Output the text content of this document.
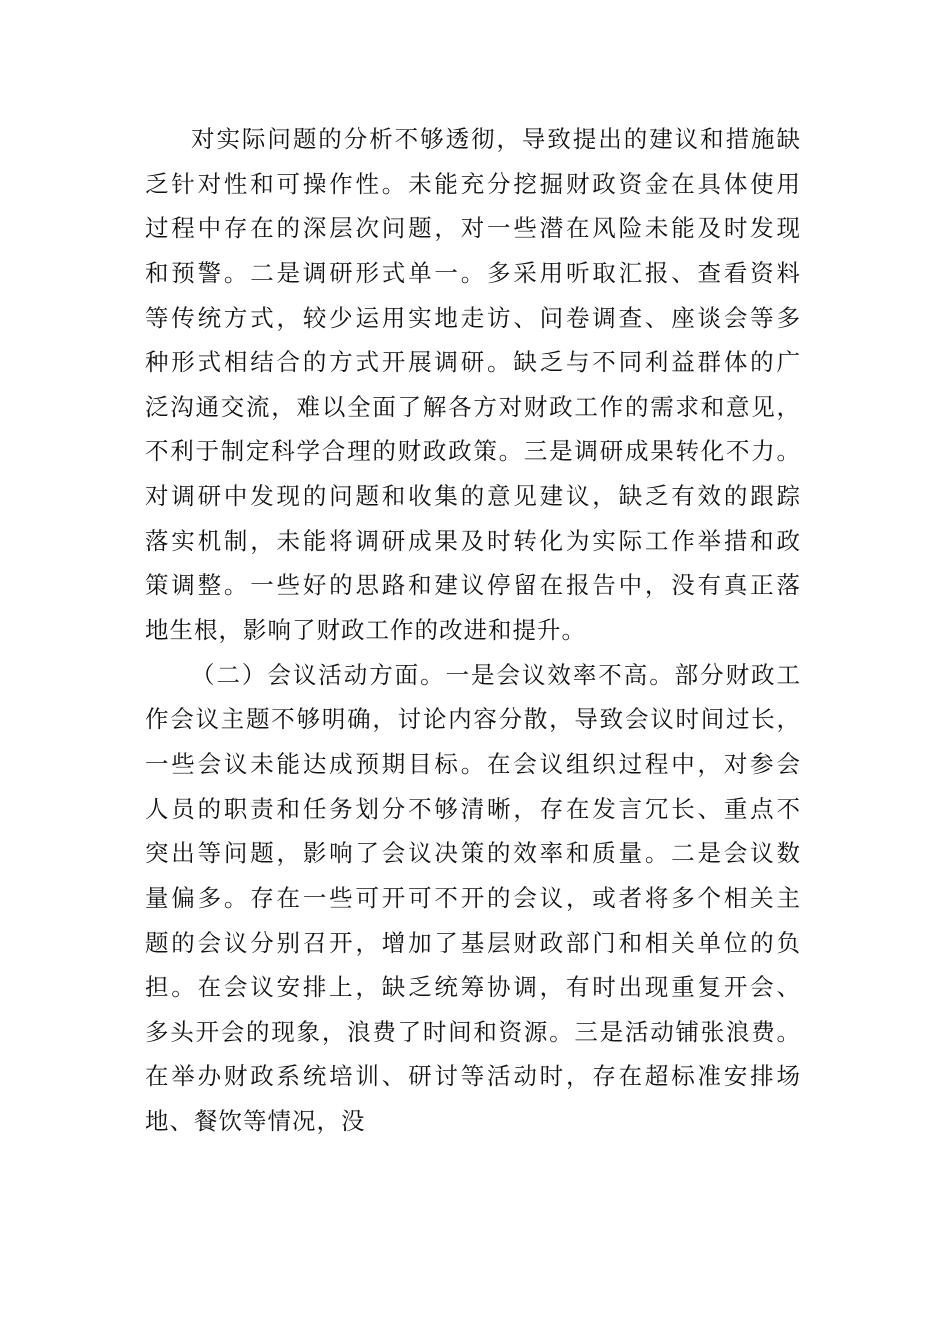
对实际问题的分析不够透彻，导致提出的建议和措施缺
乏针对性和可操作性。未能充分挖掘财政资金在具体使用
过程中存在的深层次问题，对一些潜在风险未能及时发现
和预警。二是调研形式单一。多采用听取汇报、查看资料
等传统方式，较少运用实地走访、问卷调查、座谈会等多
种形式相结合的方式开展调研。缺乏与不同利益群体的广
泛沟通交流，难以全面了解各方对财政工作的需求和意见，
不利于制定科学合理的财政政策。三是调研成果转化不力。
对调研中发现的问题和收集的意见建议，缺乏有效的跟踪
落实机制，未能将调研成果及时转化为实际工作举措和政
策调整。一些好的思路和建议停留在报告中，没有真正落
地生根，影响了财政工作的改进和提升。
（二）会议活动方面。一是会议效率不高。部分财政工
作会议主题不够明确，讨论内容分散，导致会议时间过长，
一些会议未能达成预期目标。在会议组织过程中，对参会
人员的职责和任务划分不够清晰，存在发言冗长、重点不
突出等问题，影响了会议决策的效率和质量。二是会议数
量偏多。存在一些可开可不开的会议，或者将多个相关主
题的会议分别召开，增加了基层财政部门和相关单位的负
担。在会议安排上，缺乏统筹协调，有时出现重复开会、
多头开会的现象，浪费了时间和资源。三是活动铺张浪费。
在举办财政系统培训、研讨等活动时，存在超标准安排场
地、餐饮等情况，没
